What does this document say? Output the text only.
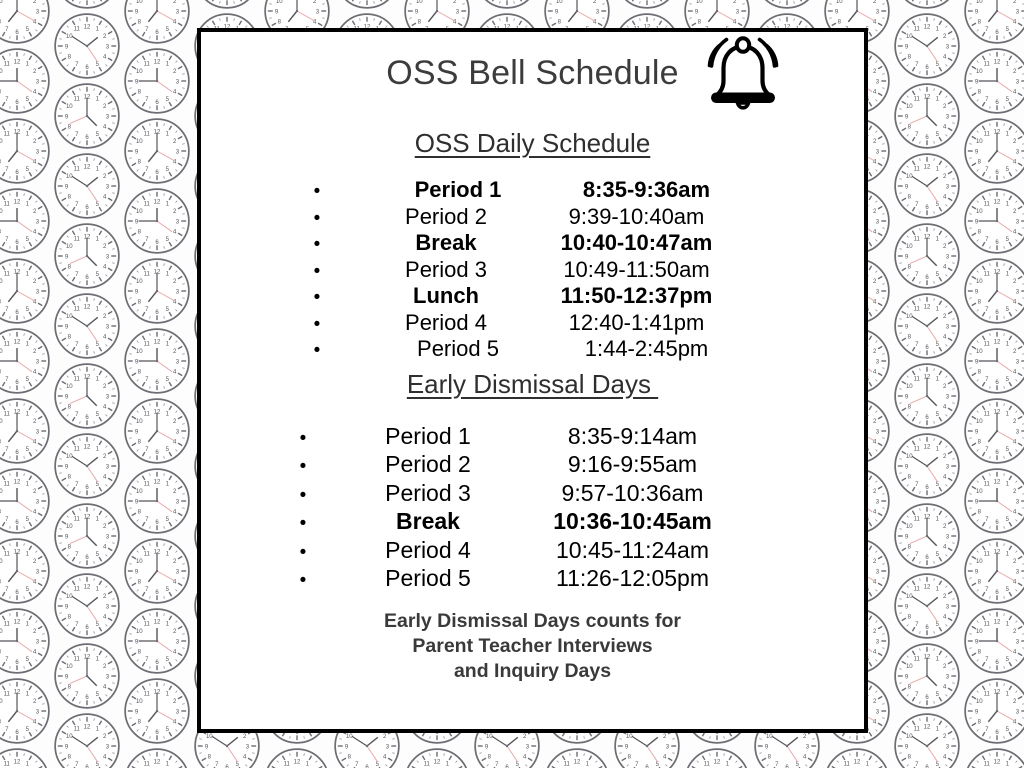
OSS Bell Schedule
OSS Daily Schedule
•	Period 1	8:35-9:36am
•	Period 2	9:39-10:40am
•	Break	10:40-10:47am
•	Period 3	10:49-11:50am
•	Lunch	11:50-12:37pm
•	Period 4	12:40-1:41pm
•	Period 5	1:44-2:45pm
Early Dismissal Days
•	Period 1	8:35-9:14am
•	Period 2	9:16-9:55am
•	Period 3	9:57-10:36am
•	Break	10:36-10:45am
•	Period 4	10:45-11:24am
•	Period 5	11:26-12:05pm
Early Dismissal Days counts for
Parent Teacher Interviews
and Inquiry Days
